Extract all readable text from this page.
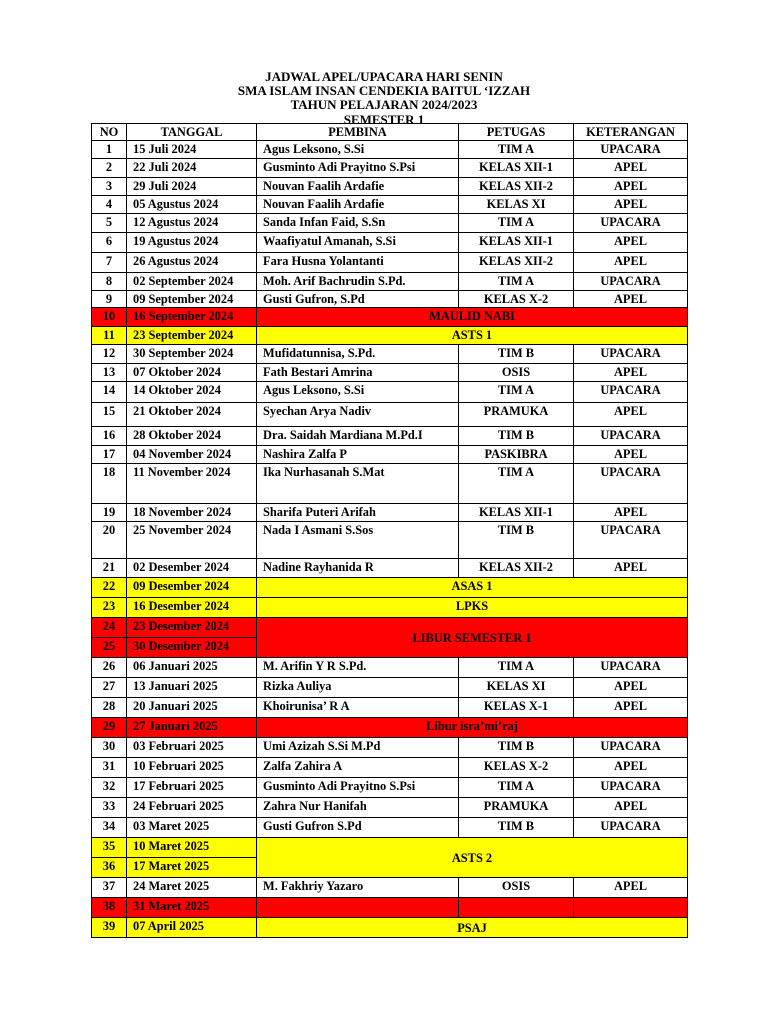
JADWAL APEL/UPACARA HARI SENIN
SMA ISLAM INSAN CENDEKIA BAITUL ‘IZZAH
TAHUN PELAJARAN 2024/2023
SEMESTER 1
NO	TANGGAL	PEMBINA	PETUGAS	KETERANGAN
1	15 Juli 2024	Agus Leksono, S.Si	TIM A	UPACARA
2	22 Juli 2024	Gusminto Adi Prayitno S.Psi	KELAS XII-1	APEL
3	29 Juli 2024	Nouvan Faalih Ardafie	KELAS XII-2	APEL
4	05 Agustus 2024	Nouvan Faalih Ardafie	KELAS XI	APEL
5	12 Agustus 2024	Sanda Infan Faid, S.Sn	TIM A	UPACARA
6	19 Agustus 2024	Waafiyatul Amanah, S.Si	KELAS XII-1	APEL
7	26 Agustus 2024	Fara Husna Yolantanti	KELAS XII-2	APEL
8	02 September 2024	Moh. Arif Bachrudin S.Pd.	TIM A	UPACARA
9	09 September 2024	Gusti Gufron, S.Pd	KELAS X-2	APEL
10	16 September 2024	MAULID NABI		
11	23 September 2024	ASTS 1		
12	30 September 2024	Mufidatunnisa, S.Pd.	TIM B	UPACARA
13	07 Oktober 2024	Fath Bestari Amrina	OSIS	APEL
14	14 Oktober 2024	Agus Leksono, S.Si	TIM A	UPACARA
15	21 Oktober 2024	Syechan Arya Nadiv	PRAMUKA	APEL
16	28 Oktober 2024	Dra. Saidah Mardiana M.Pd.I	TIM B	UPACARA
17	04 November 2024	Nashira Zalfa P	PASKIBRA	APEL
18	11 November 2024	Ika Nurhasanah S.Mat	TIM A	UPACARA
19	18 November 2024	Sharifa Puteri Arifah	KELAS XII-1	APEL
20	25 November 2024	Nada I Asmani S.Sos	TIM B	UPACARA
21	02 Desember 2024	Nadine Rayhanida R	KELAS XII-2	APEL
22	09 Desember 2024	ASAS 1		
23	16 Desember 2024	LPKS		
24	23 Desember 2024	LIBUR SEMESTER 1		
25	30 Desember 2024			
26	06 Januari 2025	M. Arifin Y R S.Pd.	TIM A	UPACARA
27	13 Januari 2025	Rizka Auliya	KELAS XI	APEL
28	20 Januari 2025	Khoirunisa’ R A	KELAS X-1	APEL
29	27 Januari 2025	Libur isra’mi’raj		
30	03 Februari 2025	Umi Azizah S.Si M.Pd	TIM B	UPACARA
31	10 Februari 2025	Zalfa Zahira A	KELAS X-2	APEL
32	17 Februari 2025	Gusminto Adi Prayitno S.Psi	TIM A	UPACARA
33	24 Februari 2025	Zahra Nur Hanifah	PRAMUKA	APEL
34	03 Maret 2025	Gusti Gufron S.Pd	TIM B	UPACARA
35	10 Maret 2025	ASTS 2		
36	17 Maret 2025			
37	24 Maret 2025	M. Fakhriy Yazaro	OSIS	APEL
38	31 Maret 2025			
39	07 April 2025	PSAJ		
